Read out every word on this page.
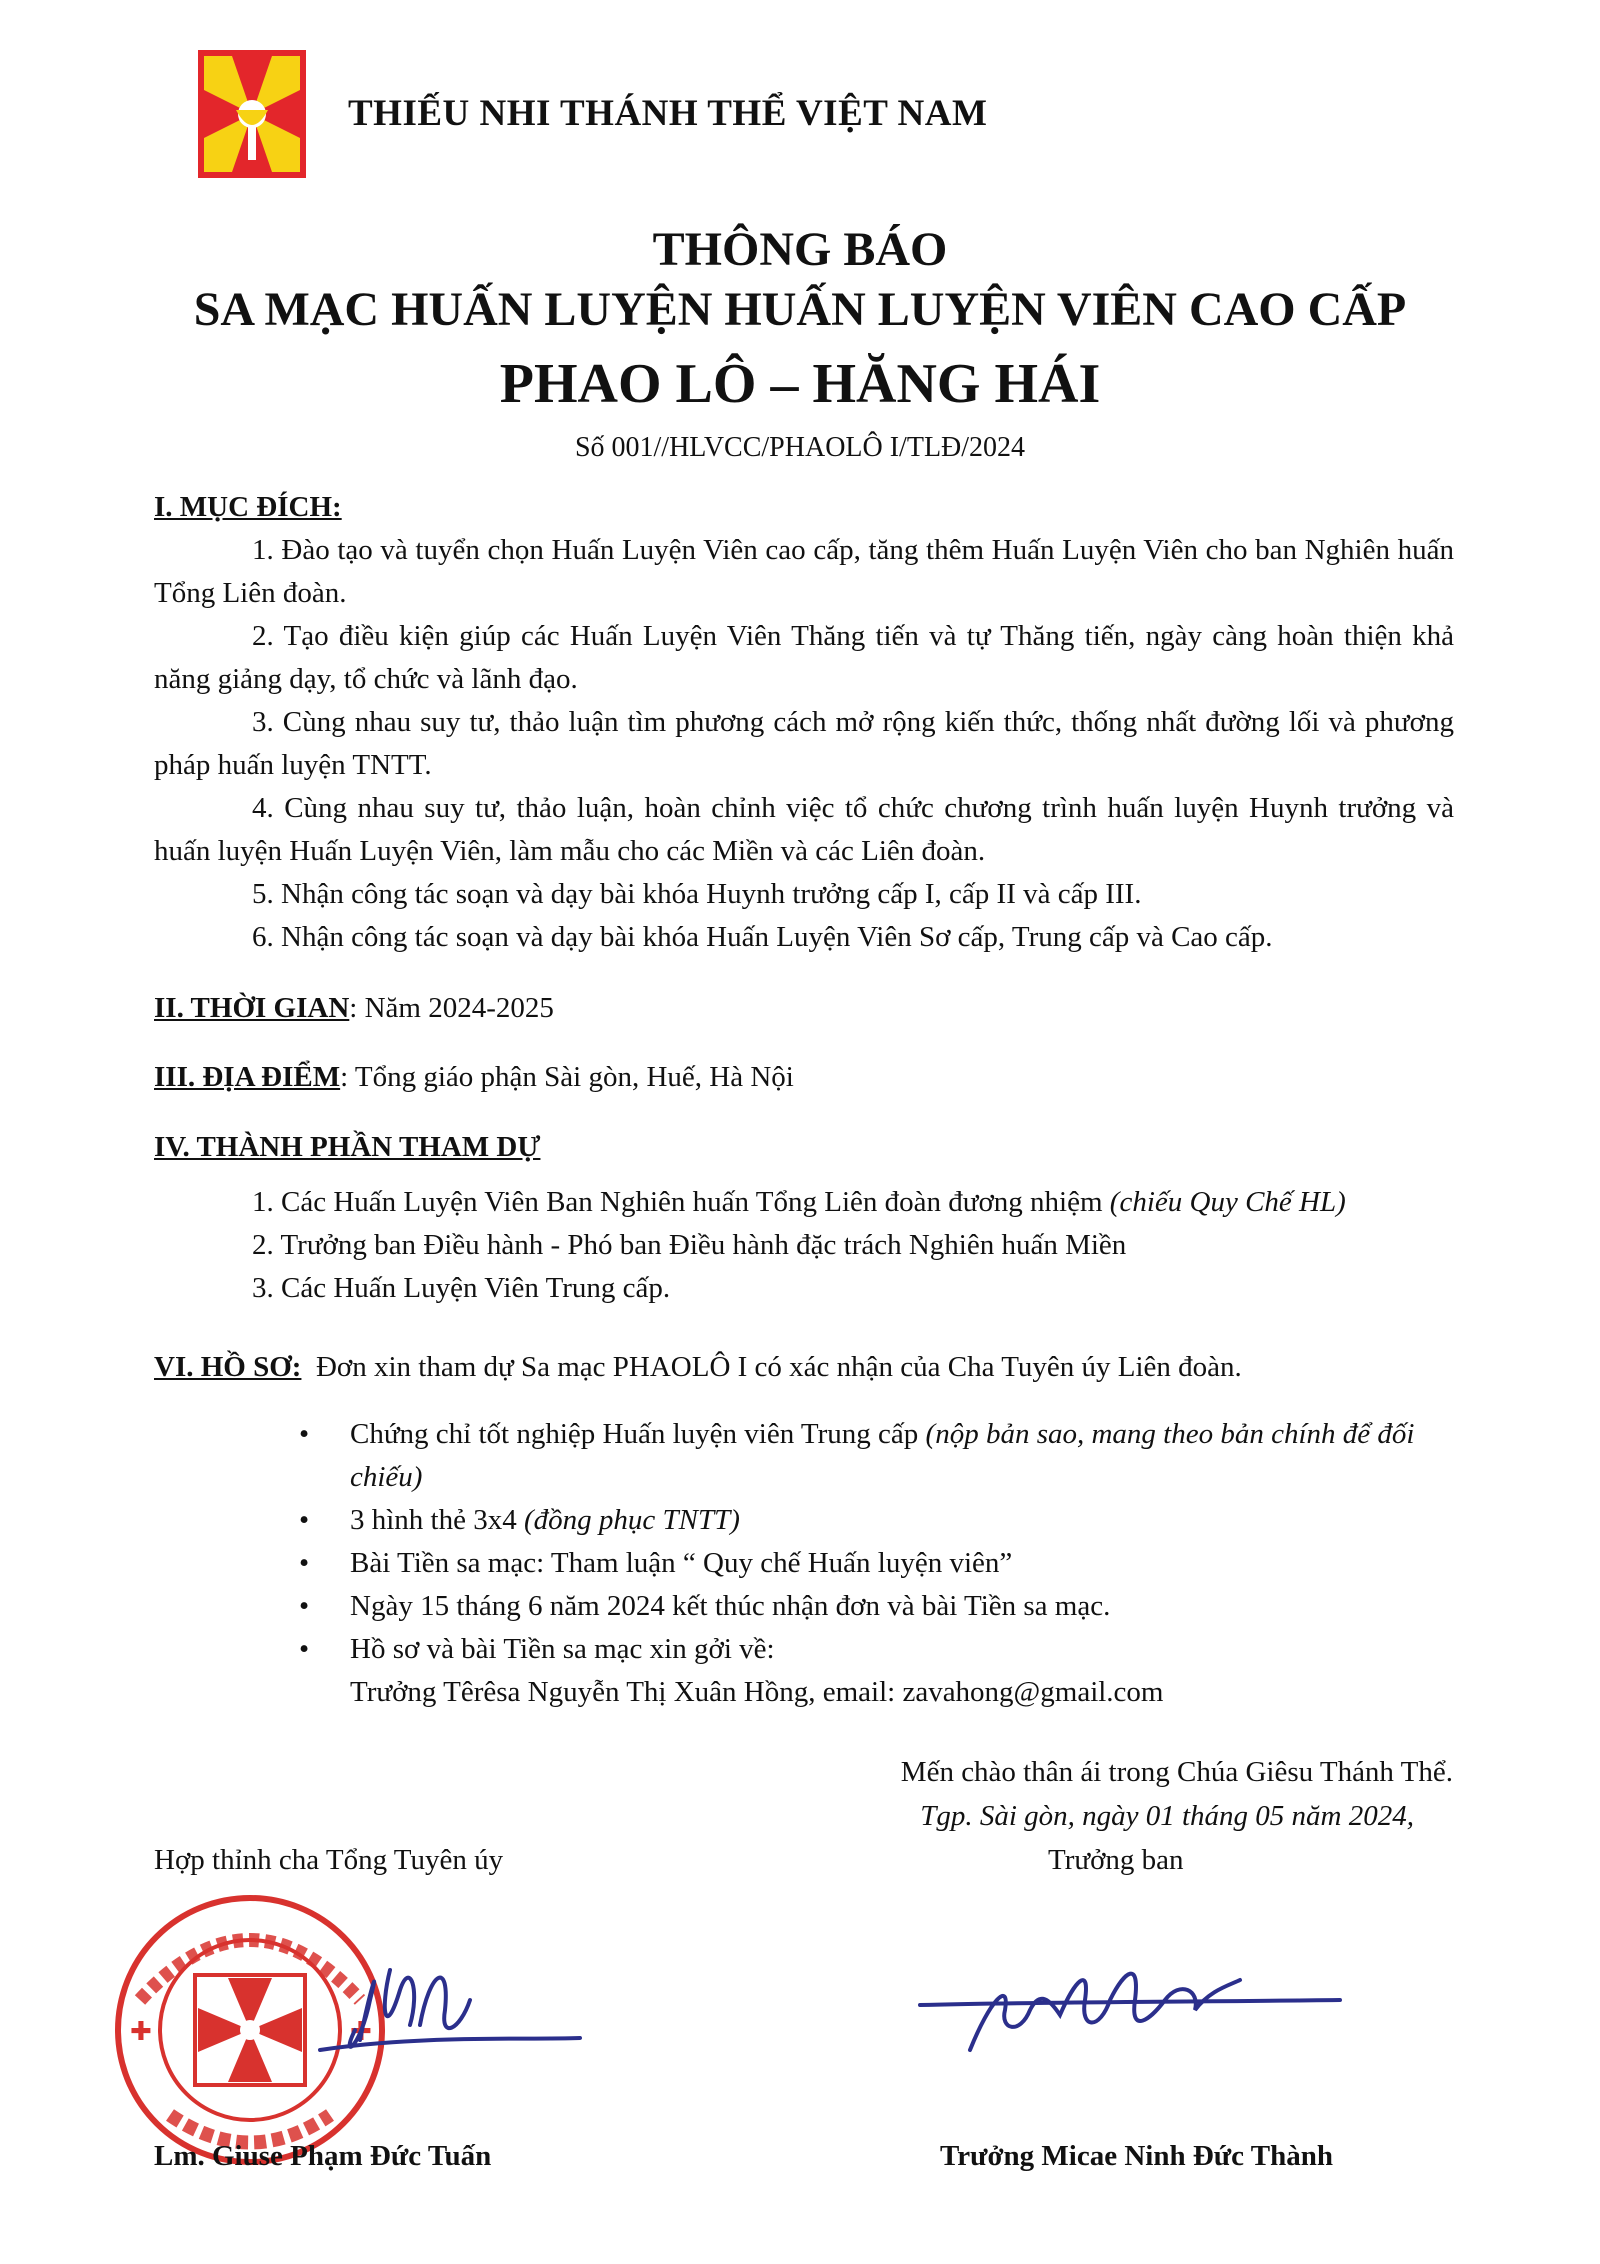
THIẾU NHI THÁNH THỂ VIỆT NAM
THÔNG BÁO
SA MẠC HUẤN LUYỆN HUẤN LUYỆN VIÊN CAO CẤP
PHAO LÔ – HĂNG HÁI
Số 001//HLVCC/PHAOLÔ I/TLĐ/2024
I. MỤC ĐÍCH:

1. Đào tạo và tuyển chọn Huấn Luyện Viên cao cấp, tăng thêm Huấn Luyện Viên cho ban Nghiên huấn Tổng Liên đoàn.

2. Tạo điều kiện giúp các Huấn Luyện Viên Thăng tiến và tự Thăng tiến, ngày càng hoàn thiện khả năng giảng dạy, tổ chức và lãnh đạo.

3. Cùng nhau suy tư, thảo luận tìm phương cách mở rộng kiến thức, thống nhất đường lối và phương pháp huấn luyện TNTT.

4. Cùng nhau suy tư, thảo luận, hoàn chỉnh việc tổ chức chương trình huấn luyện Huynh trưởng và huấn luyện Huấn Luyện Viên, làm mẫu cho các Miền và các Liên đoàn.

5. Nhận công tác soạn và dạy bài khóa Huynh trưởng cấp I, cấp II và cấp III.

6. Nhận công tác soạn và dạy bài khóa Huấn Luyện Viên Sơ cấp, Trung cấp và Cao cấp.

II. THỜI GIAN: Năm 2024-2025
III. ĐỊA ĐIỂM: Tổng giáo phận Sài gòn, Huế, Hà Nội
IV. THÀNH PHẦN THAM DỰ

1. Các Huấn Luyện Viên Ban Nghiên huấn Tổng Liên đoàn đương nhiệm (chiếu Quy Chế HL)

2. Trưởng ban Điều hành - Phó ban Điều hành đặc trách Nghiên huấn Miền

3. Các Huấn Luyện Viên Trung cấp.

VI. HỒ SƠ: Đơn xin tham dự Sa mạc PHAOLÔ I có xác nhận của Cha Tuyên úy Liên đoàn.

• Chứng chỉ tốt nghiệp Huấn luyện viên Trung cấp (nộp bản sao, mang theo bản chính để đối chiếu)

• 3 hình thẻ 3x4 (đồng phục TNTT)

• Bài Tiền sa mạc: Tham luận “ Quy chế Huấn luyện viên”

• Ngày 15 tháng 6 năm 2024 kết thúc nhận đơn và bài Tiền sa mạc.

• Hồ sơ và bài Tiền sa mạc xin gởi về:
Trưởng Têrêsa Nguyễn Thị Xuân Hồng, email: zavahong@gmail.com

Mến chào thân ái trong Chúa Giêsu Thánh Thể.
Tgp. Sài gòn, ngày 01 tháng 05 năm 2024,
Trưởng ban
Hợp thỉnh cha Tổng Tuyên úy
✚	✚
Lm. Giuse Phạm Đức Tuấn	Trưởng Micae Ninh Đức Thành
